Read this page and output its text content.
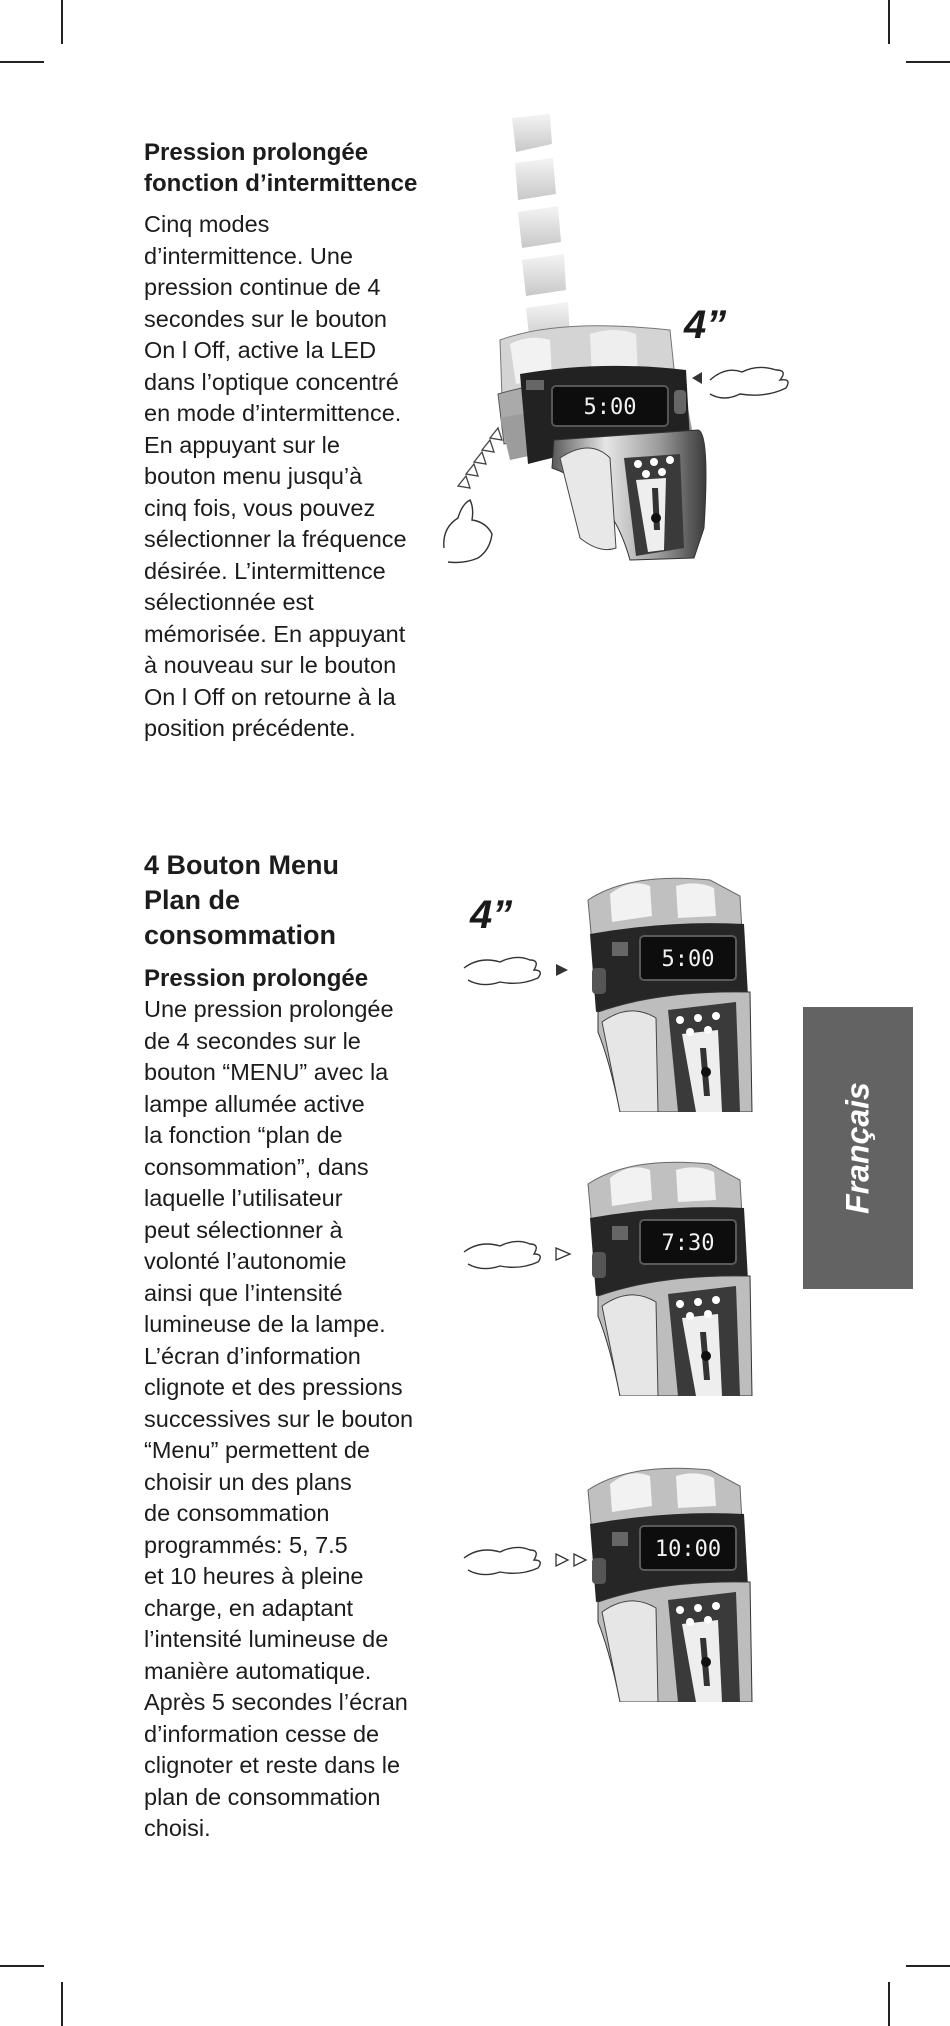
Pression prolongée
fonction d’intermittence
Cinq modes
d’intermittence. Une
pression continue de 4
secondes sur le bouton
On l Off, active la LED
dans l’optique concentré
en mode d’intermittence.
En appuyant sur le
bouton menu jusqu’à
cinq fois, vous pouvez
sélectionner la fréquence
désirée. L’intermittence
sélectionnée est
mémorisée. En appuyant
à nouveau sur le bouton
On l Off on retourne à la
position précédente.
5:00
4”
4 Bouton Menu
Plan de
consommation
Pression prolongée
Une pression prolongée
de 4 secondes sur le
bouton “MENU” avec la
lampe allumée active
la fonction “plan de
consommation”, dans
laquelle l’utilisateur
peut sélectionner à
volonté l’autonomie
ainsi que l’intensité
lumineuse de la lampe.
L’écran d’information
clignote et des pressions
successives sur le bouton
“Menu” permettent de
choisir un des plans
de consommation
programmés: 5, 7.5
et 10 heures à pleine
charge, en adaptant
l’intensité lumineuse de
manière automatique.
Après 5 secondes l’écran
d’information cesse de
clignoter et reste dans le
plan de consommation
choisi.
4”
5:00
7:30
10:00
Français
